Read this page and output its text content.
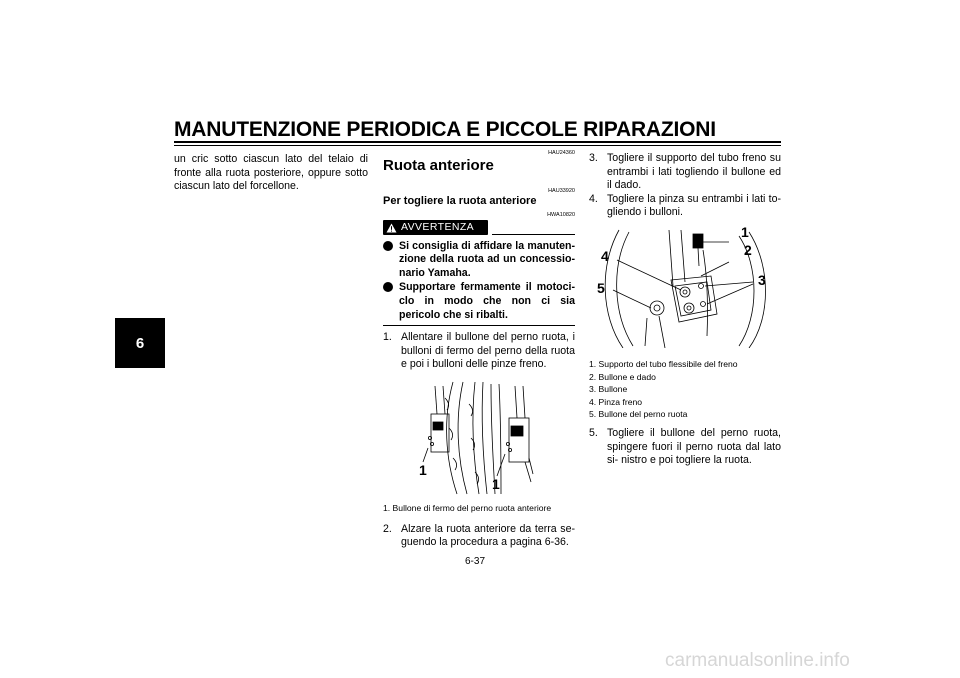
MANUTENZIONE PERIODICA E PICCOLE RIPARAZIONI
6

un cric sotto ciascun lato del telaio di fronte alla ruota posteriore, oppure sotto ciascun lato del forcellone.

HAU24360
Ruota anteriore
HAU33920
Per togliere la ruota anteriore
HWA10820
AVVERTENZA
Si consiglia di affidare la manuten- zione della ruota ad un concessio- nario Yamaha.
Supportare fermamente il motoci- clo in modo che non ci sia pericolo che si ribalti.
1. Allentare il bullone del perno ruota, i bulloni di fermo del perno della ruota e poi i bulloni delle pinze freno.
1
1
1. Bullone di fermo del perno ruota anteriore
2. Alzare la ruota anteriore da terra se- guendo la procedura a pagina 6-36.
3. Togliere il supporto del tubo freno su entrambi i lati togliendo il bullone ed il dado.
4. Togliere la pinza su entrambi i lati to- gliendo i bulloni.
1
2
3
4
5
1. Supporto del tubo flessibile del freno
2. Bullone e dado
3. Bullone
4. Pinza freno
5. Bullone del perno ruota
5. Togliere il bullone del perno ruota, spingere fuori il perno ruota dal lato si- nistro e poi togliere la ruota.
6-37
carmanualsonline.info
